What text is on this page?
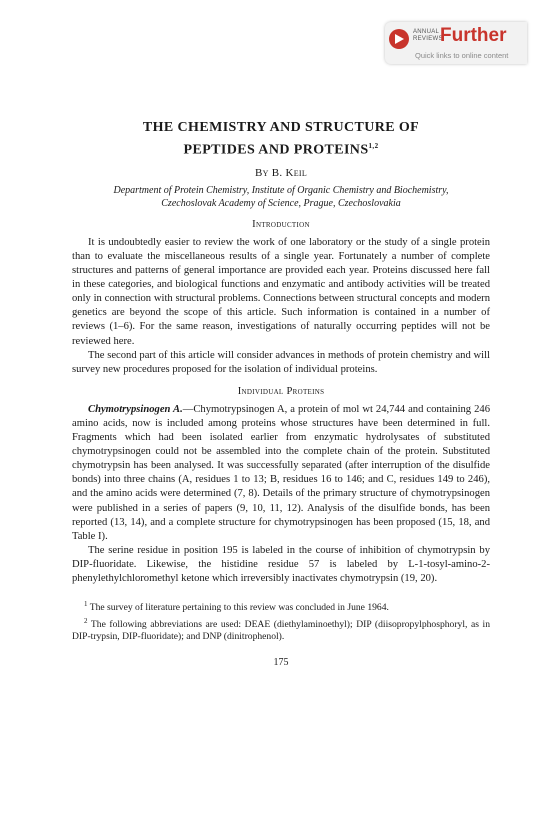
ANNUAL
REVIEWS
Further
Quick links to online content
THE CHEMISTRY AND STRUCTURE OF
PEPTIDES AND PROTEINS$^{1,2}$
By B. Keil
Department of Protein Chemistry, Institute of Organic Chemistry and Biochemistry,
Czechoslovak Academy of Science, Prague, Czechoslovakia
Introduction

It is undoubtedly easier to review the work of one laboratory or the study of a single protein than to evaluate the miscellaneous results of a single year. Fortunately a number of complete structures and patterns of general importance are provided each year. Proteins discussed here fall in these categories, and biological functions and enzymatic and antibody activities will be treated only in connection with structural problems. Connections between structural concepts and modern genetics are beyond the scope of this article. Such information is contained in a number of reviews (1–6). For the same reason, investigations of naturally occurring peptides will not be reviewed here.

The second part of this article will consider advances in methods of protein chemistry and will survey new procedures proposed for the isolation of individual proteins.

Individual Proteins

Chymotrypsinogen A.—Chymotrypsinogen A, a protein of mol wt 24,744 and containing 246 amino acids, now is included among proteins whose structures have been determined in full. Fragments which had been isolated earlier from enzymatic hydrolysates of substituted chymotrypsinogen could not be assembled into the complete chain of the protein. Substituted chymotrypsin has been analysed. It was successfully separated (after interruption of the disulfide bonds) into three chains (A, residues 1 to 13; B, residues 16 to 146; and C, residues 149 to 246), and the amino acids were determined (7, 8). Details of the primary structure of chymotrypsinogen were published in a series of papers (9, 10, 11, 12). Analysis of the disulfide bonds, has been reported (13, 14), and a complete structure for chymotrypsinogen has been proposed (15, 18, and Table I).

The serine residue in position 195 is labeled in the course of inhibition of chymotrypsin by DIP-fluoridate. Likewise, the histidine residue 57 is labeled by L-1-tosyl-amino-2-phenylethylchloromethyl ketone which irreversibly inactivates chymotrypsin (19, 20).

$^1$ The survey of literature pertaining to this review was concluded in June 1964.

$^2$ The following abbreviations are used: DEAE (diethylaminoethyl); DIP (diisopropylphosphoryl, as in DIP-trypsin, DIP-fluoridate); and DNP (dinitrophenol).

175
